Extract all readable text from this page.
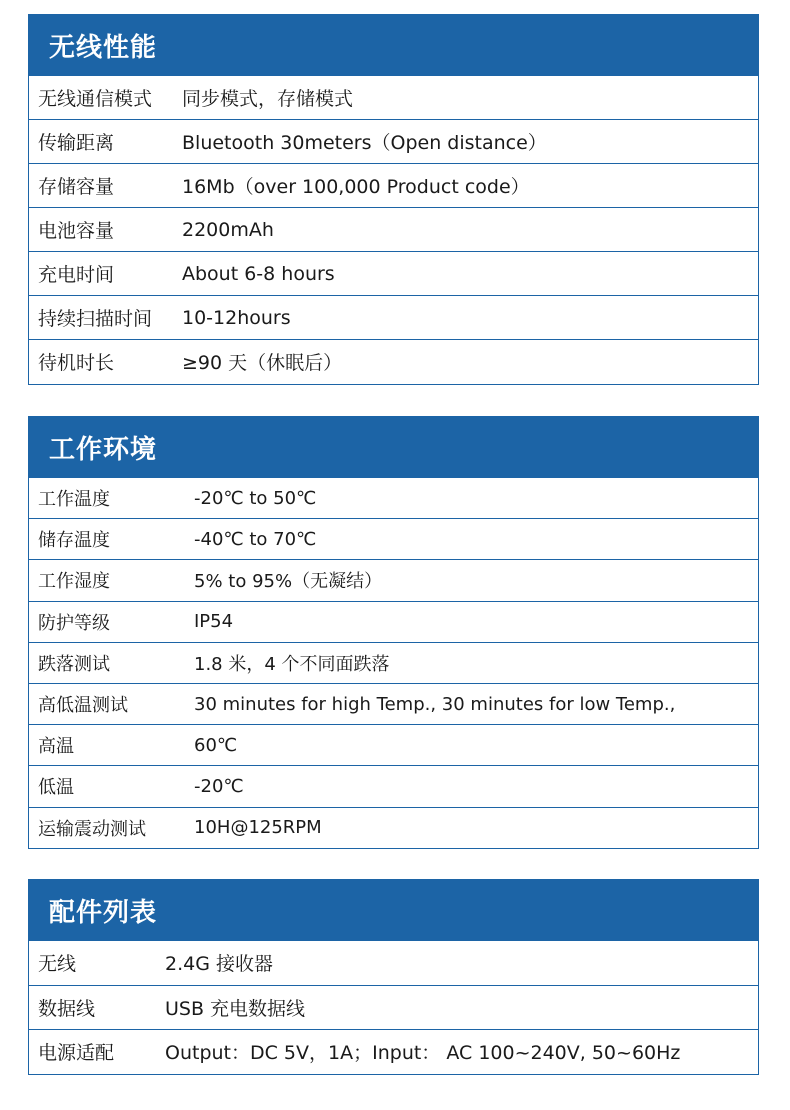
无线性能
无线通信模式	同步模式，存储模式
传输距离	Bluetooth 30meters（Open distance）
存储容量	16Mb（over 100,000 Product code）
电池容量	2200mAh
充电时间	About 6-8 hours
持续扫描时间	10-12hours
待机时长	≥90 天（休眠后）
工作环境
工作温度	-20℃ to 50℃
储存温度	-40℃ to 70℃
工作湿度	5% to 95%（无凝结）
防护等级	IP54
跌落测试	1.8 米，4 个不同面跌落
高低温测试	30 minutes for high Temp., 30 minutes for low Temp.,
高温	60℃
低温	-20℃
运输震动测试	10H@125RPM
配件列表
无线	2.4G 接收器
数据线	USB 充电数据线
电源适配	Output：DC 5V，1A；Input： AC 100~240V, 50~60Hz
